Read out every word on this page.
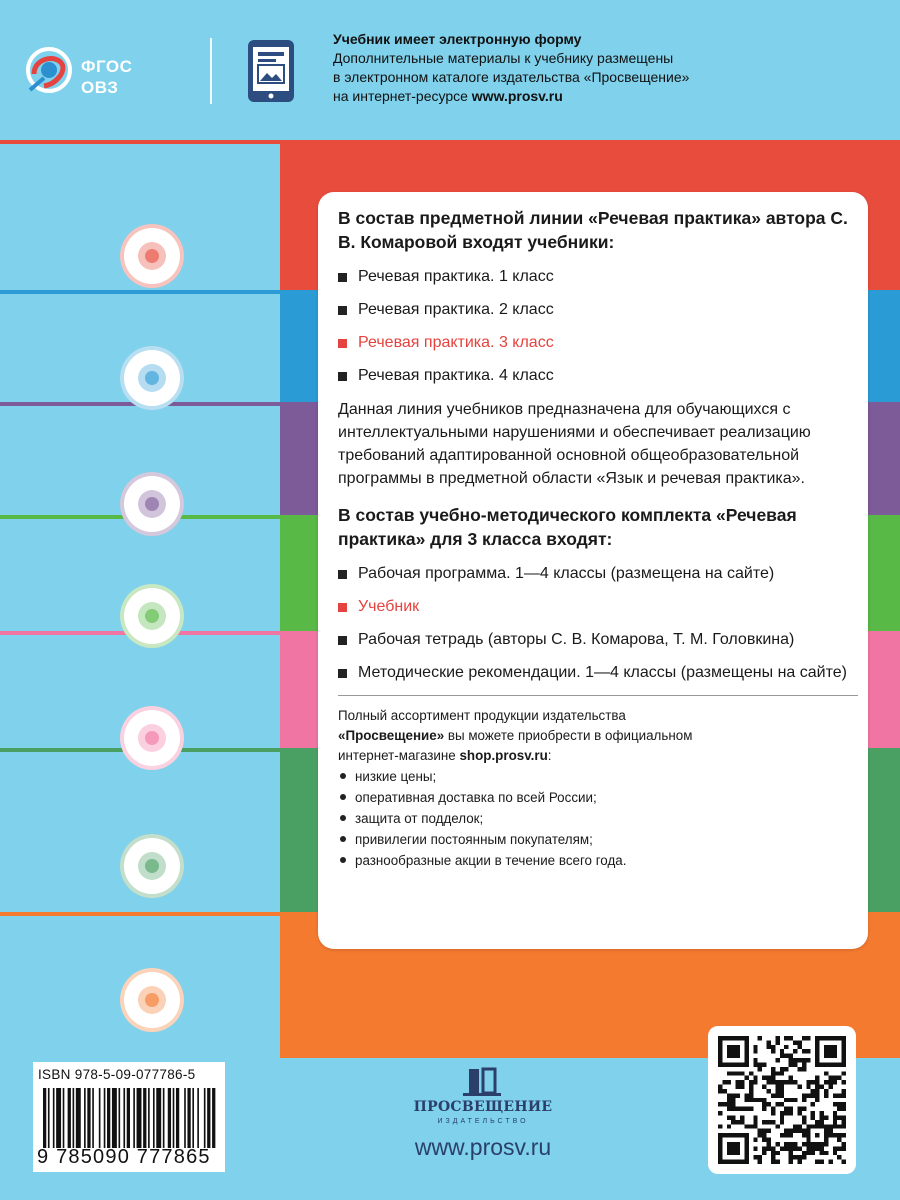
ФГОС
ОВЗ
Учебник имеет электронную форму
Дополнительные материалы к учебнику размещены
в электронном каталоге издательства «Просвещение»
на интернет-ресурсе www.prosv.ru
В состав предметной линии «Речевая практика» автора С. В. Комаровой входят учебники:
Речевая практика. 1 класс
Речевая практика. 2 класс
Речевая практика. 3 класс
Речевая практика. 4 класс
Данная линия учебников предназначена для обучающихся с интеллектуальными нарушениями и обеспечивает реализацию требований адаптированной основной общеобразовательной программы в предметной области «Язык и речевая практика».
В состав учебно-методического комплекта «Речевая практика» для 3 класса входят:
Рабочая программа. 1—4 классы (размещена на сайте)
Учебник
Рабочая тетрадь (авторы С. В. Комарова, Т. М. Головкина)
Методические рекомендации. 1—4 классы (размещены на сайте)
Полный ассортимент продукции издательства
«Просвещение» вы можете приобрести в официальном
интернет-магазине shop.prosv.ru:
низкие цены;
оперативная доставка по всей России;
защита от подделок;
привилегии постоянным покупателям;
разнообразные акции в течение всего года.
ISBN 978-5-09-077786-5
9 785090 777865
ПРОСВЕЩЕНИЕ
ИЗДАТЕЛЬСТВО
www.prosv.ru
